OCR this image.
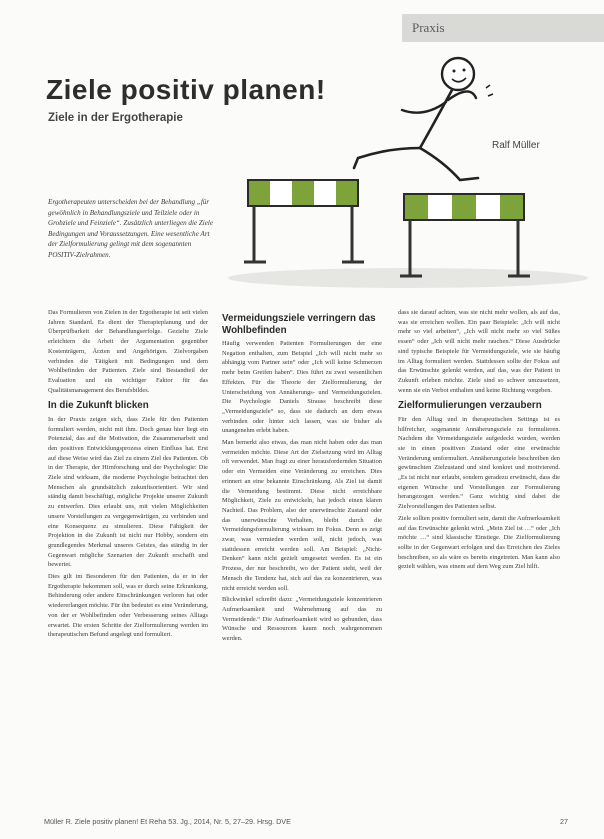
Praxis
Ziele positiv planen!
Ziele in der Ergotherapie
Ralf Müller

Ergotherapeuten unterscheiden bei der Behandlung „für gewöhnlich in Behandlungsziele und Teilziele oder in Grobziele und Feinziele“. Zusätzlich unterliegen die Ziele Bedingungen und Voraussetzungen. Eine wesentliche Art der Zielformulierung gelingt mit dem sogenannten POSITIV-Zielrahmen.

Das Formulieren von Zielen in der Ergotherapie ist seit vielen Jahren Standard. Es dient der Therapieplanung und der Überprüfbarkeit der Behandlungserfolge. Gezielte Ziele erleichtern die Arbeit der Argumentation gegenüber Kostenträgern, Ärzten und Angehörigen. Zielvorgaben verbinden die Tätigkeit mit Bedingungen und dem Wohlbefinden der Patienten. Ziele sind Bestandteil der Evaluation und ein wichtiger Faktor für das Qualitätsmanagement des Berufsbildes.

In die Zukunft blicken

In der Praxis zeigen sich, dass Ziele für den Patienten formuliert werden, nicht mit ihm. Doch genau hier liegt ein Potenzial, das auf die Motivation, die Zusammenarbeit und den positiven Entwicklungsprozess einen Einfluss hat. Erst auf diese Weise wird das Ziel zu einem Ziel des Patienten. Ob in der Therapie, der Hirnforschung und der Psychologie: Die Ziele sind wirksam, die moderne Psychologie betrachtet den Menschen als grundsätzlich zukunftsorientiert. Wir sind ständig damit beschäftigt, mögliche Projekte unserer Zukunft zu entwerfen. Dies erlaubt uns, mit vielen Möglichkeiten unsere Vorstellungen zu vergegenwärtigen, zu verbinden und eine Konsequenz zu simulieren. Diese Fähigkeit der Projektion in die Zukunft ist nicht nur Hobby, sondern ein grundlegendes Merkmal unseres Geistes, das ständig in der Gegenwart mögliche Szenarien der Zukunft erschafft und bewertet.

Dies gilt im Besonderen für den Patienten, da er in der Ergotherapie bekommen soll, was er durch seine Erkrankung, Behinderung oder andere Einschränkungen verloren hat oder wiedererlangen möchte. Für ihn bedeutet es eine Veränderung, von der er Wohlbefinden oder Verbesserung seines Alltags erwartet. Die ersten Schritte der Zielformulierung werden im therapeutischen Befund angelegt und formuliert.

Vermeidungsziele verringern das Wohlbefinden

Häufig verwenden Patienten Formulierungen der eine Negation enthalten, zum Beispiel „Ich will nicht mehr so abhängig vom Partner sein“ oder „Ich will keine Schmerzen mehr beim Greifen haben“. Dies führt zu zwei wesentlichen Effekten. Für die Theorie der Zielformulierung, der Unterscheidung von Annäherungs- und Vermeidungszielen. Die Psychologie Daniels Strauss beschreibt diese „Vermeidungsziele“ so, dass sie dadurch an dem etwas verbinden oder hinter sich lassen, was sie bisher als unangenehm erlebt haben.

Man bemerkt also etwas, das man nicht haben oder das man vermeiden möchte. Diese Art der Zielsetzung wird im Alltag oft verwendet. Man fragt zu einer herausfordernden Situation oder ein Vermeiden eine Veränderung zu erreichen. Dies erinnert an eine bekannte Einschränkung. Als Ziel ist damit die Vermeidung bestimmt. Diese nicht erreichbare Möglichkeit, Ziele zu entwickeln, hat jedoch einen klaren Nachteil. Das Problem, also der unerwünschte Zustand oder das unerwünschte Verhalten, bleibt durch die Vermeidungsformulierung wirksam im Fokus. Denn es zeigt zwar, was vermieden werden soll, nicht jedoch, was stattdessen erreicht werden soll. Am Beispiel: „Nicht-Denken“ kann nicht gezielt umgesetzt werden. Es ist ein Prozess, der nur beschreibt, wo der Patient steht, weil der Mensch die Tendenz hat, sich auf das zu konzentrieren, was nicht erreicht werden soll.

Blickwinkel schreibt dazu: „Vermeidungsziele konzentrieren Aufmerksamkeit und Wahrnehmung auf das zu Vermeidende.“ Die Aufmerksamkeit wird so gebunden, dass Wünsche und Ressourcen kaum noch wahrgenommen werden.

dass sie darauf achten, was sie nicht mehr wollen, als auf das, was sie erreichen wollen. Ein paar Beispiele: „Ich will nicht mehr so viel arbeiten“, „Ich will nicht mehr so viel Süßes essen“ oder „Ich will nicht mehr rauchen.“ Diese Ausdrücke sind typische Beispiele für Vermeidungsziele, wie sie häufig im Alltag formuliert werden. Stattdessen sollte der Fokus auf das Erwünschte gelenkt werden, auf das, was der Patient in Zukunft erleben möchte. Ziele sind so schwer umzusetzen, wenn sie ein Verbot enthalten und keine Richtung vorgeben.

Zielformulierungen verzaubern

Für den Alltag und in therapeutischen Settings ist es hilfreicher, sogenannte Annäherungsziele zu formulieren. Nachdem die Vermeidungsziele aufgedeckt wurden, werden sie in einen positiven Zustand oder eine erwünschte Veränderung umformuliert. Annäherungsziele beschreiben den gewünschten Zielzustand und sind konkret und motivierend. „Es ist nicht nur erlaubt, sondern geradezu erwünscht, dass die eigenen Wünsche und Vorstellungen zur Formulierung herangezogen werden.“ Ganz wichtig sind dabei die Zielvorstellungen des Patienten selbst.

Ziele sollten positiv formuliert sein, damit die Aufmerksamkeit auf das Erwünschte gelenkt wird. „Mein Ziel ist …“ oder „Ich möchte …“ sind klassische Einstiege. Die Zielformulierung sollte in der Gegenwart erfolgen und das Erreichen des Zieles beschreiben, so als wäre es bereits eingetreten. Man kann also gezielt wählen, was einem auf dem Weg zum Ziel hilft.

Müller R. Ziele positiv planen! Et Reha 53. Jg., 2014, Nr. 5, 27–29. Hrsg. DVE	27
